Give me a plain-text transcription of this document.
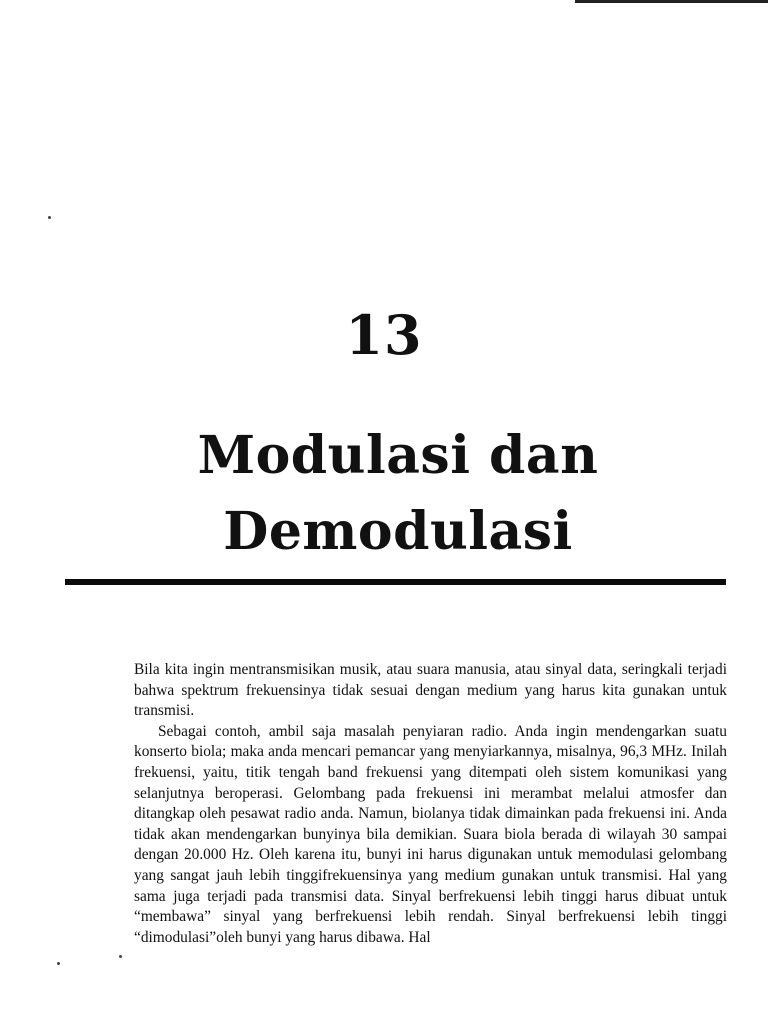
13
Modulasi dan
Demodulasi

Bila kita ingin mentransmisikan musik, atau suara manusia, atau sinyal data, seringkali terjadi bahwa spektrum frekuensinya tidak sesuai dengan medium yang harus kita gunakan untuk transmisi.

Sebagai contoh, ambil saja masalah penyiaran radio. Anda ingin mendengarkan suatu konserto biola; maka anda mencari pemancar yang menyiarkannya, misalnya, 96,3 MHz. Inilah frekuensi, yaitu, titik tengah band frekuensi yang ditempati oleh sistem komunikasi yang selanjutnya beroperasi. Gelombang pada frekuensi ini merambat melalui atmosfer dan ditangkap oleh pesawat radio anda. Namun, biolanya tidak dimainkan pada frekuensi ini. Anda tidak akan mendengarkan bunyinya bila demikian. Suara biola berada di wilayah 30 sampai dengan 20.000 Hz. Oleh karena itu, bunyi ini harus digunakan untuk memodulasi gelombang yang sangat jauh lebih tinggifrekuensinya yang medium gunakan untuk transmisi. Hal yang sama juga terjadi pada transmisi data. Sinyal berfrekuensi lebih tinggi harus dibuat untuk “membawa” sinyal yang berfrekuensi lebih rendah. Sinyal berfrekuensi lebih tinggi “dimodulasi”oleh bunyi yang harus dibawa. Hal
